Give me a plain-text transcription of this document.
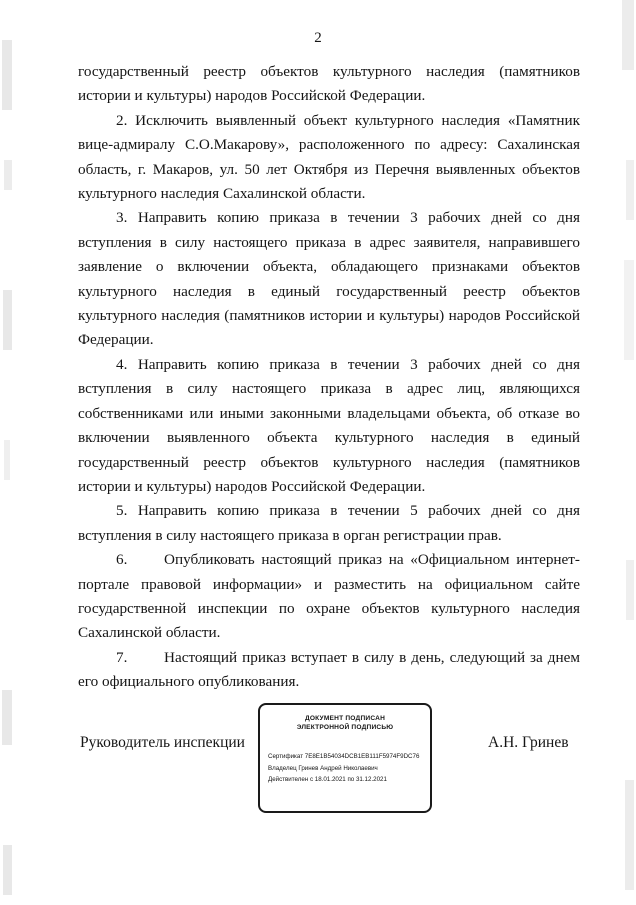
2

государственный реестр объектов культурного наследия (памятников истории и культуры) народов Российской Федерации.

2. Исключить выявленный объект культурного наследия «Памятник вице-адмиралу С.О.Макарову», расположенного по адресу: Сахалинская область, г. Макаров, ул. 50 лет Октября из Перечня выявленных объектов культурного наследия Сахалинской области.

3. Направить копию приказа в течении 3 рабочих дней со дня вступления в силу настоящего приказа в адрес заявителя, направившего заявление о включении объекта, обладающего признаками объектов культурного наследия в единый государственный реестр объектов культурного наследия (памятников истории и культуры) народов Российской Федерации.

4. Направить копию приказа в течении 3 рабочих дней со дня вступления в силу настоящего приказа в адрес лиц, являющихся собственниками или иными законными владельцами объекта, об отказе во включении выявленного объекта культурного наследия в единый государственный реестр объектов культурного наследия (памятников истории и культуры) народов Российской Федерации.

5. Направить копию приказа в течении 5 рабочих дней со дня вступления в силу настоящего приказа в орган регистрации прав.

6. Опубликовать настоящий приказ на «Официальном интернет-портале правовой информации» и разместить на официальном сайте государственной инспекции по охране объектов культурного наследия Сахалинской области.

7. Настоящий приказ вступает в силу в день, следующий за днем его официального опубликования.

Руководитель инспекции
ДОКУМЕНТ ПОДПИСАН
ЭЛЕКТРОННОЙ ПОДПИСЬЮ
Сертификат 7E8E1B54034DCB1EB111F5974F9DC76
Владелец Гринев Андрей Николаевич
Действителен с 18.01.2021 по 31.12.2021
А.Н. Гринев
